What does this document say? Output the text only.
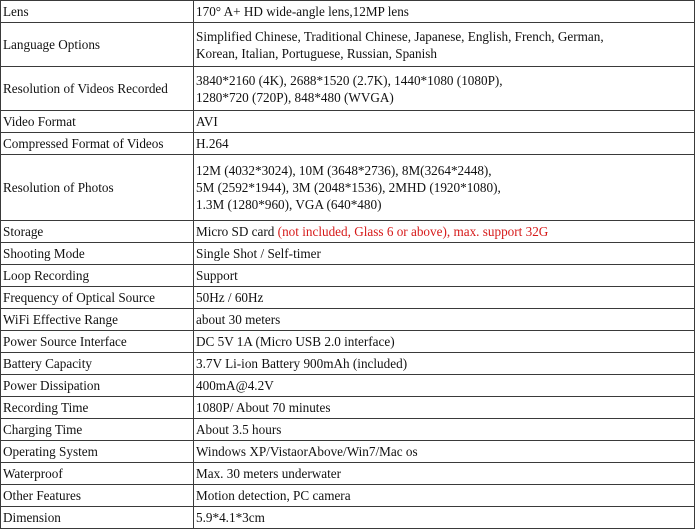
Lens	170° A+ HD wide-angle lens,12MP lens
Language Options	Simplified Chinese, Traditional Chinese, Japanese, English, French, German,
Korean, Italian, Portuguese, Russian, Spanish
Resolution of Videos Recorded	3840*2160 (4K), 2688*1520 (2.7K), 1440*1080 (1080P),
1280*720 (720P), 848*480 (WVGA)
Video Format	AVI
Compressed Format of Videos	H.264
Resolution of Photos	12M (4032*3024), 10M (3648*2736), 8M(3264*2448),
5M (2592*1944), 3M (2048*1536), 2MHD (1920*1080),
1.3M (1280*960), VGA (640*480)
Storage	Micro SD card (not included, Glass 6 or above), max. support 32G
Shooting Mode	Single Shot / Self-timer
Loop Recording	Support
Frequency of Optical Source	50Hz / 60Hz
WiFi Effective Range	about 30 meters
Power Source Interface	DC 5V 1A (Micro USB 2.0 interface)
Battery Capacity	3.7V Li-ion Battery 900mAh (included)
Power Dissipation	400mA@4.2V
Recording Time	1080P/ About 70 minutes
Charging Time	About 3.5 hours
Operating System	Windows XP/VistaorAbove/Win7/Mac os
Waterproof	Max. 30 meters underwater
Other Features	Motion detection, PC camera
Dimension	5.9*4.1*3cm
